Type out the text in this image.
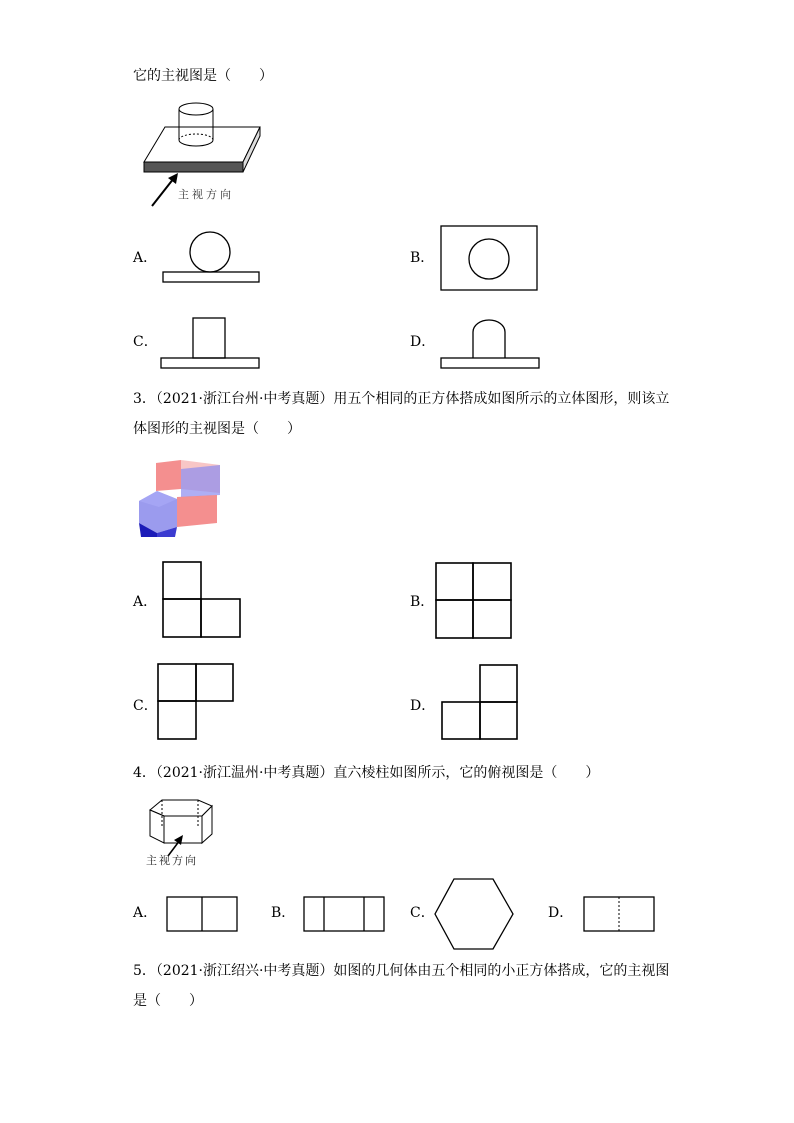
它的主视图是（　　）
主视方向
A．	B．
C．	D．
3．（2021·浙江台州·中考真题）用五个相同的正方体搭成如图所示的立体图形，则该立
体图形的主视图是（　　）
A．	B．
C．	D．
4．（2021·浙江温州·中考真题）直六棱柱如图所示，它的俯视图是（　　）
主视方向
A．	B．	C．	D．
5．（2021·浙江绍兴·中考真题）如图的几何体由五个相同的小正方体搭成，它的主视图
是（　　）
